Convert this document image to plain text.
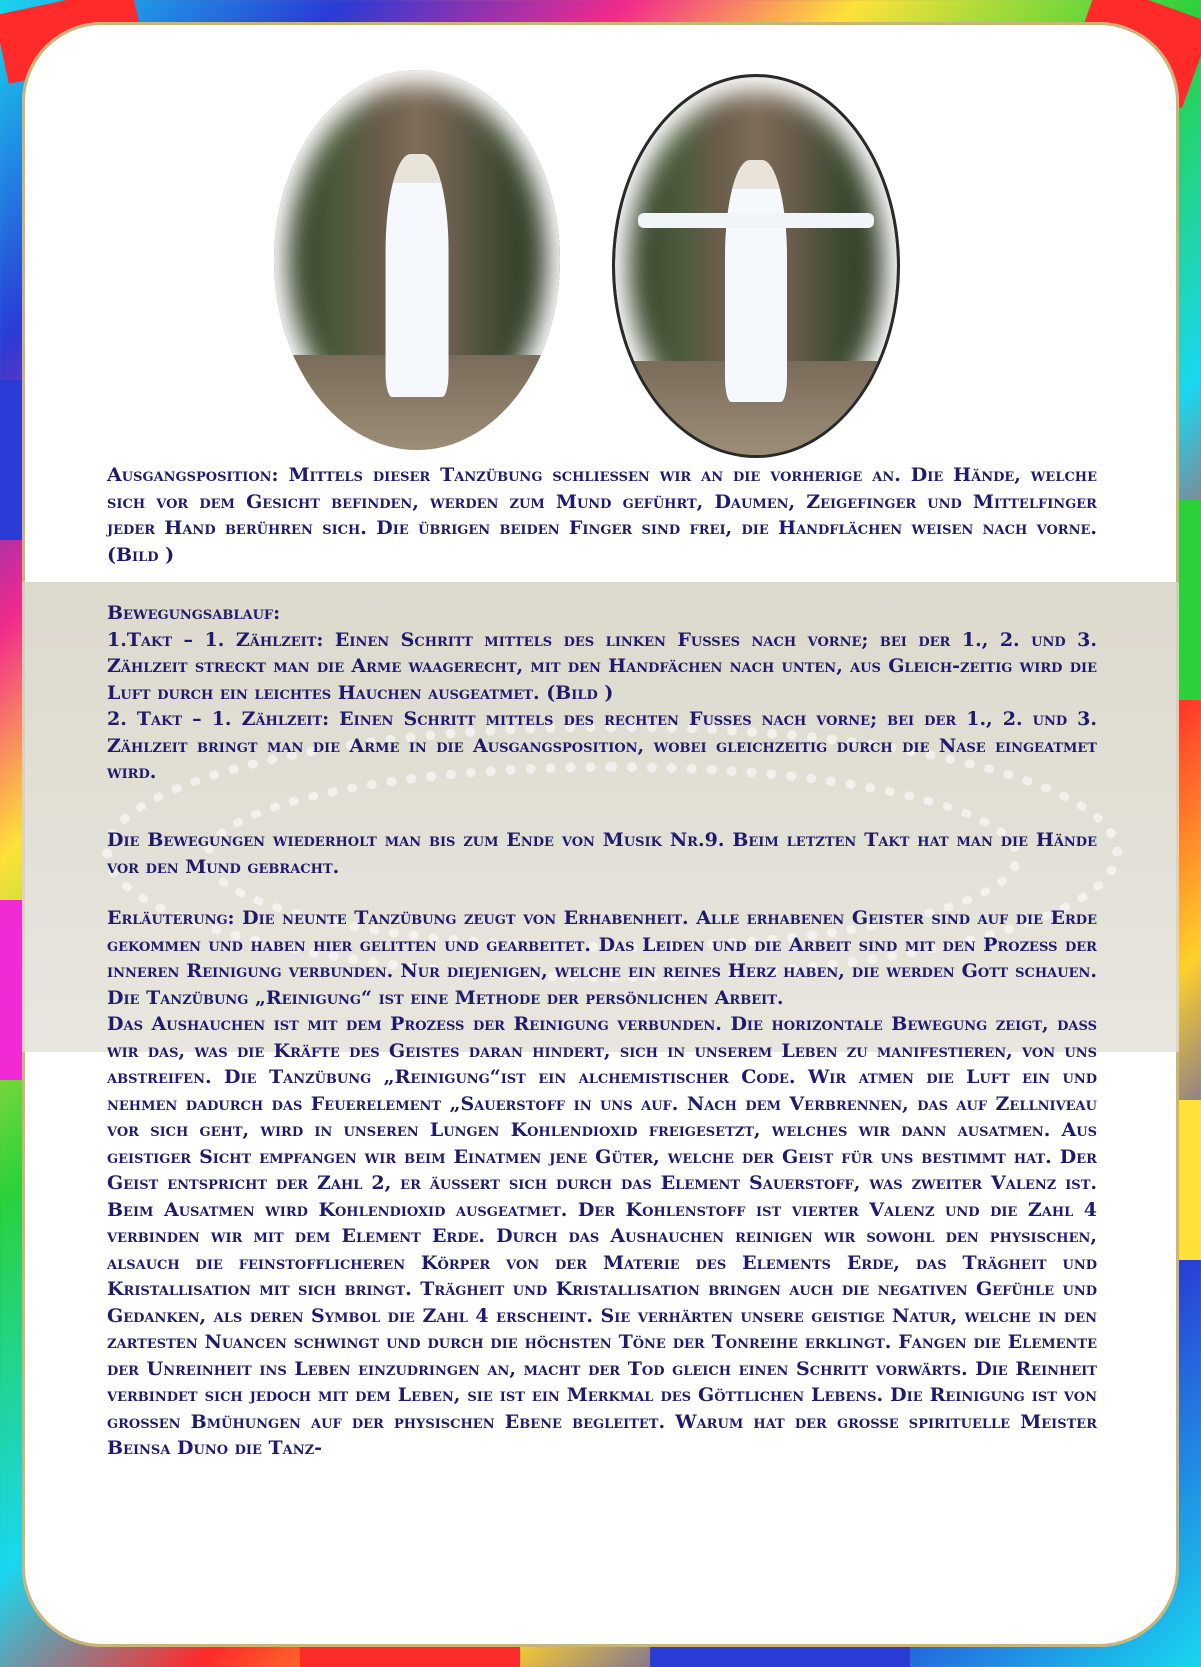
Ausgangsposition: Mittels dieser Tanzübung schliessen wir an die vorherige an. Die Hände, welche sich vor dem Gesicht befinden, werden zum Mund geführt, Daumen, Zeigefinger und Mittelfinger jeder Hand berühren sich. Die übrigen beiden Finger sind frei, die Handflächen weisen nach vorne. (Bild )

Bewegungsablauf:

1.Takt – 1. Zählzeit: Einen Schritt mittels des linken Fusses nach vorne; bei der 1., 2. und 3. Zählzeit streckt man die Arme waagerecht, mit den Handfächen nach unten, aus Gleich-zeitig wird die Luft durch ein leichtes Hauchen ausgeatmet. (Bild )

2. Takt – 1. Zählzeit: Einen Schritt mittels des rechten Fusses nach vorne; bei der 1., 2. und 3. Zählzeit bringt man die Arme in die Ausgangsposition, wobei gleichzeitig durch die Nase eingeatmet wird.

Die Bewegungen wiederholt man bis zum Ende von Musik Nr.9. Beim letzten Takt hat man die Hände vor den Mund gebracht.

Erläuterung: Die neunte Tanzübung zeugt von Erhabenheit. Alle erhabenen Geister sind auf die Erde gekommen und haben hier gelitten und gearbeitet. Das Leiden und die Arbeit sind mit den Prozess der inneren Reinigung verbunden. Nur diejenigen, welche ein reines Herz haben, die werden Gott schauen. Die Tanzübung „Reinigung“ ist eine Methode der persönlichen Arbeit.

Das Aushauchen ist mit dem Prozess der Reinigung verbunden. Die horizontale Bewegung zeigt, dass wir das, was die Kräfte des Geistes daran hindert, sich in unserem Leben zu manifestieren, von uns abstreifen. Die Tanzübung „Reinigung“ist ein alchemistischer Code. Wir atmen die Luft ein und nehmen dadurch das Feuerelement „Sauerstoff in uns auf. Nach dem Verbrennen, das auf Zellniveau vor sich geht, wird in unseren Lungen Kohlendioxid freigesetzt, welches wir dann ausatmen. Aus geistiger Sicht empfangen wir beim Einatmen jene Güter, welche der Geist für uns bestimmt hat. Der Geist entspricht der Zahl 2, er äussert sich durch das Element Sauerstoff, was zweiter Valenz ist. Beim Ausatmen wird Kohlendioxid ausgeatmet. Der Kohlenstoff ist vierter Valenz und die Zahl 4 verbinden wir mit dem Element Erde. Durch das Aushauchen reinigen wir sowohl den physischen, alsauch die feinstofflicheren Körper von der Materie des Elements Erde, das Trägheit und Kristallisation mit sich bringt. Trägheit und Kristallisation bringen auch die negativen Gefühle und Gedanken, als deren Symbol die Zahl 4 erscheint. Sie verhärten unsere geistige Natur, welche in den zartesten Nuancen schwingt und durch die höchsten Töne der Tonreihe erklingt. Fangen die Elemente der Unreinheit ins Leben einzudringen an, macht der Tod gleich einen Schritt vorwärts. Die Reinheit verbindet sich jedoch mit dem Leben, sie ist ein Merkmal des Göttlichen Lebens. Die Reinigung ist von grossen Bmühungen auf der physischen Ebene begleitet. Warum hat der grosse spirituelle Meister Beinsa Duno die Tanz-
